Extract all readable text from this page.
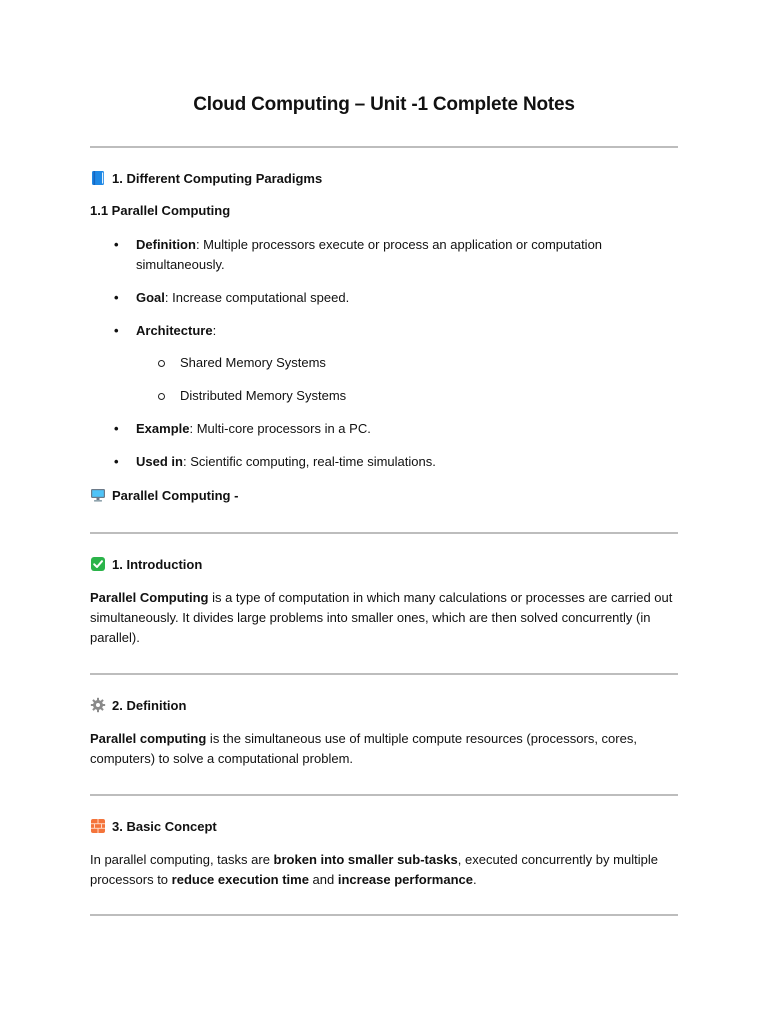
Cloud Computing – Unit -1 Complete Notes
1. Different Computing Paradigms
1.1 Parallel Computing
• Definition: Multiple processors execute or process an application or computation simultaneously.
• Goal: Increase computational speed.
• Architecture:
Shared Memory Systems
Distributed Memory Systems
• Example: Multi-core processors in a PC.
• Used in: Scientific computing, real-time simulations.
Parallel Computing -
1. Introduction

Parallel Computing is a type of computation in which many calculations or processes are carried out simultaneously. It divides large problems into smaller ones, which are then solved concurrently (in parallel).

2. Definition

Parallel computing is the simultaneous use of multiple compute resources (processors, cores, computers) to solve a computational problem.

3. Basic Concept

In parallel computing, tasks are broken into smaller sub-tasks, executed concurrently by multiple processors to reduce execution time and increase performance.
